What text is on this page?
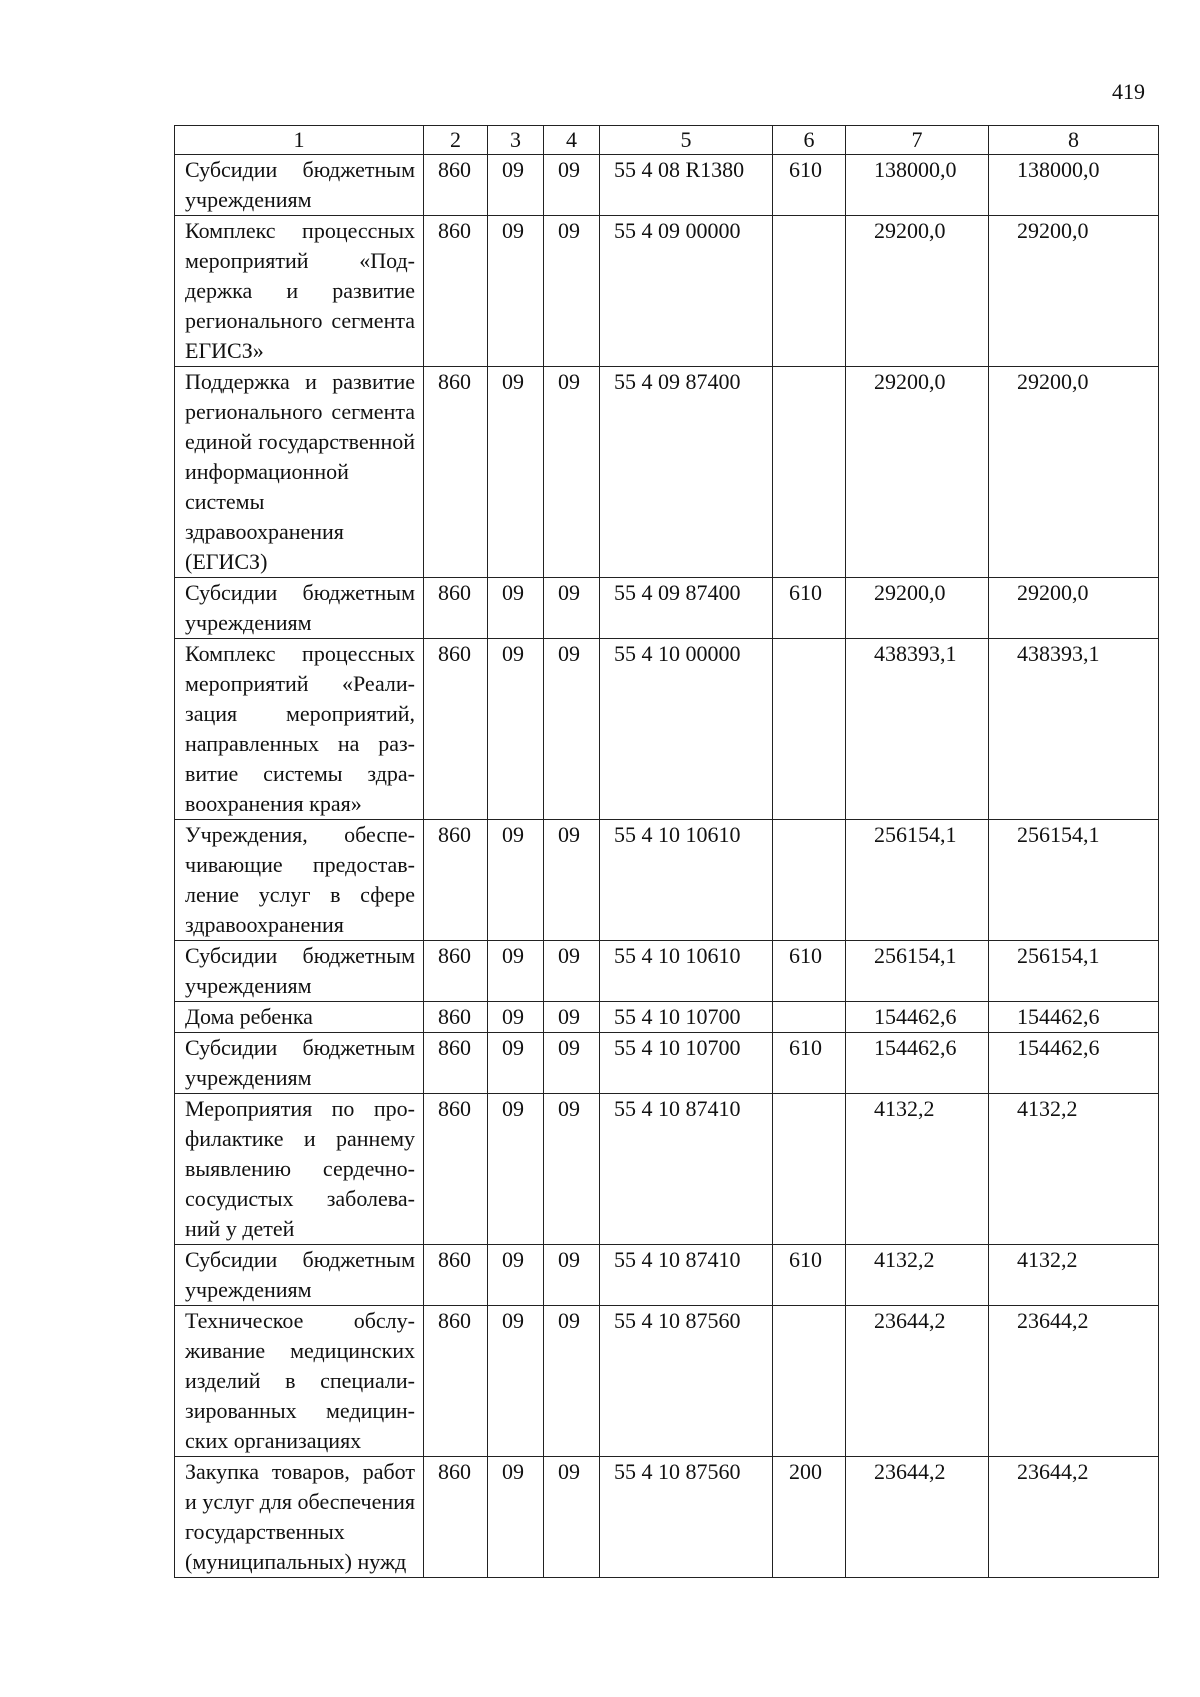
419
1	2	3	4	5	6	7	8
Субсидии бюджетным учреждениям	860	09	09	55 4 08 R1380	610	138000,0	138000,0
Комплекс процессных мероприятий «Поддержка и развитие регионального сегмента ЕГИСЗ»	860	09	09	55 4 09 00000		29200,0	29200,0
Поддержка и развитие регионального сегмента единой государственной информационной системы здравоохранения (ЕГИСЗ)	860	09	09	55 4 09 87400		29200,0	29200,0
Субсидии бюджетным учреждениям	860	09	09	55 4 09 87400	610	29200,0	29200,0
Комплекс процессных мероприятий «Реализация мероприятий, направленных на развитие системы здравоохранения края»	860	09	09	55 4 10 00000		438393,1	438393,1
Учреждения, обеспечивающие предоставление услуг в сфере здравоохранения	860	09	09	55 4 10 10610		256154,1	256154,1
Субсидии бюджетным учреждениям	860	09	09	55 4 10 10610	610	256154,1	256154,1
Дома ребенка	860	09	09	55 4 10 10700		154462,6	154462,6
Субсидии бюджетным учреждениям	860	09	09	55 4 10 10700	610	154462,6	154462,6
Мероприятия по профилактике и раннему выявлению сердечно-сосудистых заболеваний у детей	860	09	09	55 4 10 87410		4132,2	4132,2
Субсидии бюджетным учреждениям	860	09	09	55 4 10 87410	610	4132,2	4132,2
Техническое обслуживание медицинских изделий в специализированных медицинских организациях	860	09	09	55 4 10 87560		23644,2	23644,2
Закупка товаров, работ и услуг для обеспечения государственных (муниципальных) нужд	860	09	09	55 4 10 87560	200	23644,2	23644,2
